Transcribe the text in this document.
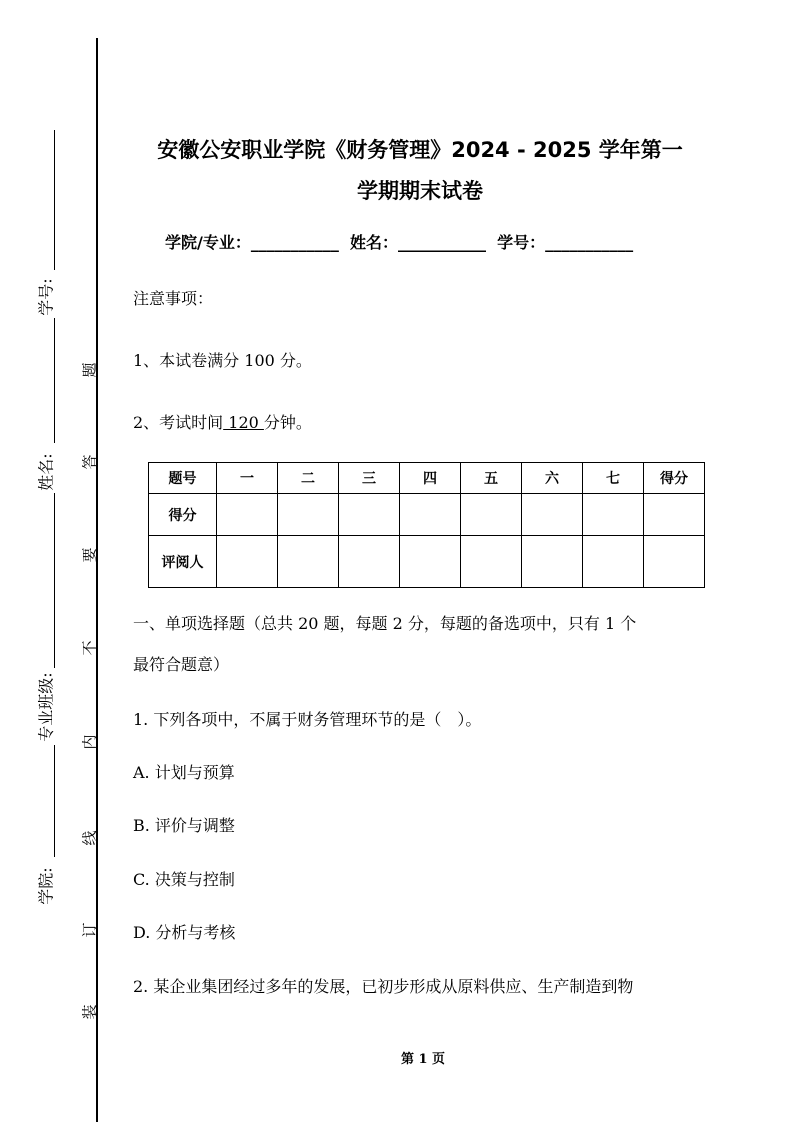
学号:
姓名:
专业班级:
学院:
题
答
要
不
内
线
订
装
安徽公安职业学院《财务管理》2024 - 2025 学年第一
学期期末试卷
学院/专业：___________ 姓名：___________ 学号：___________
注意事项：
1、本试卷满分 100 分。
2、考试时间 120 分钟。
题号	一	二	三	四	五	六	七	得分
得分								
评阅人								
一、单项选择题（总共 20 题，每题 2 分，每题的备选项中，只有 1 个
最符合题意）
1. 下列各项中，不属于财务管理环节的是（　）。
A. 计划与预算
B. 评价与调整
C. 决策与控制
D. 分析与考核
2. 某企业集团经过多年的发展，已初步形成从原料供应、生产制造到物
第 1 页
